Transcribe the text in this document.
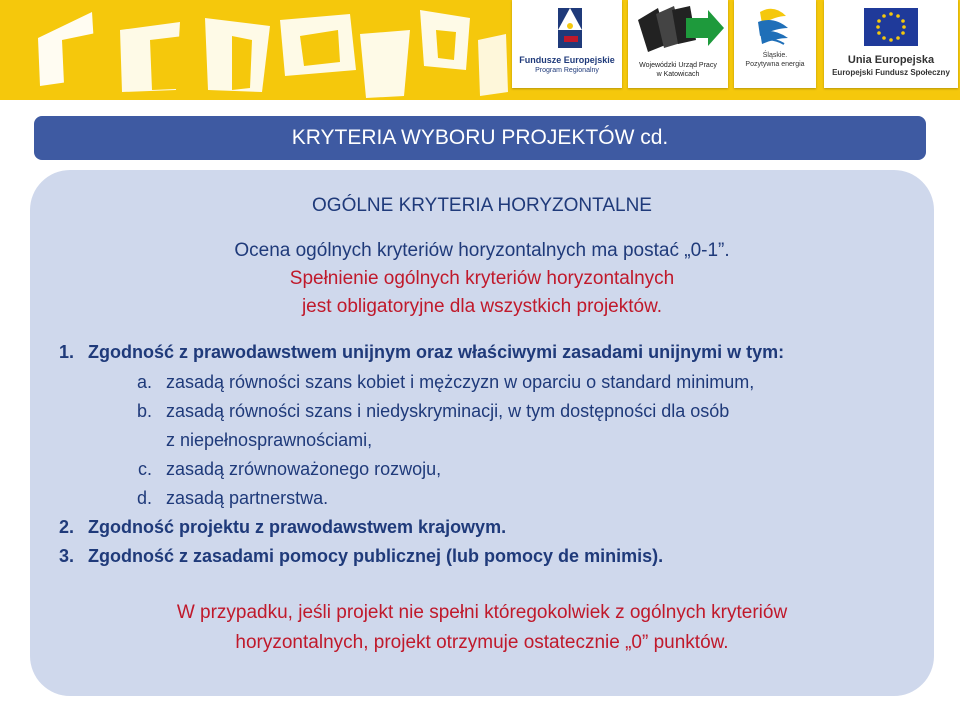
Fundusze Europejskie
Program Regionalny
Wojewódzki Urząd Pracy
w Katowicach
Śląskie.
Pozytywna energia	Unia Europejska
Europejski Fundusz Społeczny
KRYTERIA WYBORU PROJEKTÓW cd.
OGÓLNE KRYTERIA HORYZONTALNE
Ocena ogólnych kryteriów horyzontalnych ma postać „0-1”.
Spełnienie ogólnych kryteriów horyzontalnych
jest obligatoryjne dla wszystkich projektów.
1. Zgodność z prawodawstwem unijnym oraz właściwymi zasadami unijnymi w tym:
a. zasadą równości szans kobiet i mężczyzn w oparciu o standard minimum,
b. zasadą równości szans i niedyskryminacji, w tym dostępności dla osób
z niepełnosprawnościami,
c. zasadą zrównoważonego rozwoju,
d. zasadą partnerstwa.
2. Zgodność projektu z prawodawstwem krajowym.
3. Zgodność z zasadami pomocy publicznej (lub pomocy de minimis).
W przypadku, jeśli projekt nie spełni któregokolwiek z ogólnych kryteriów
horyzontalnych, projekt otrzymuje ostatecznie „0” punktów.
